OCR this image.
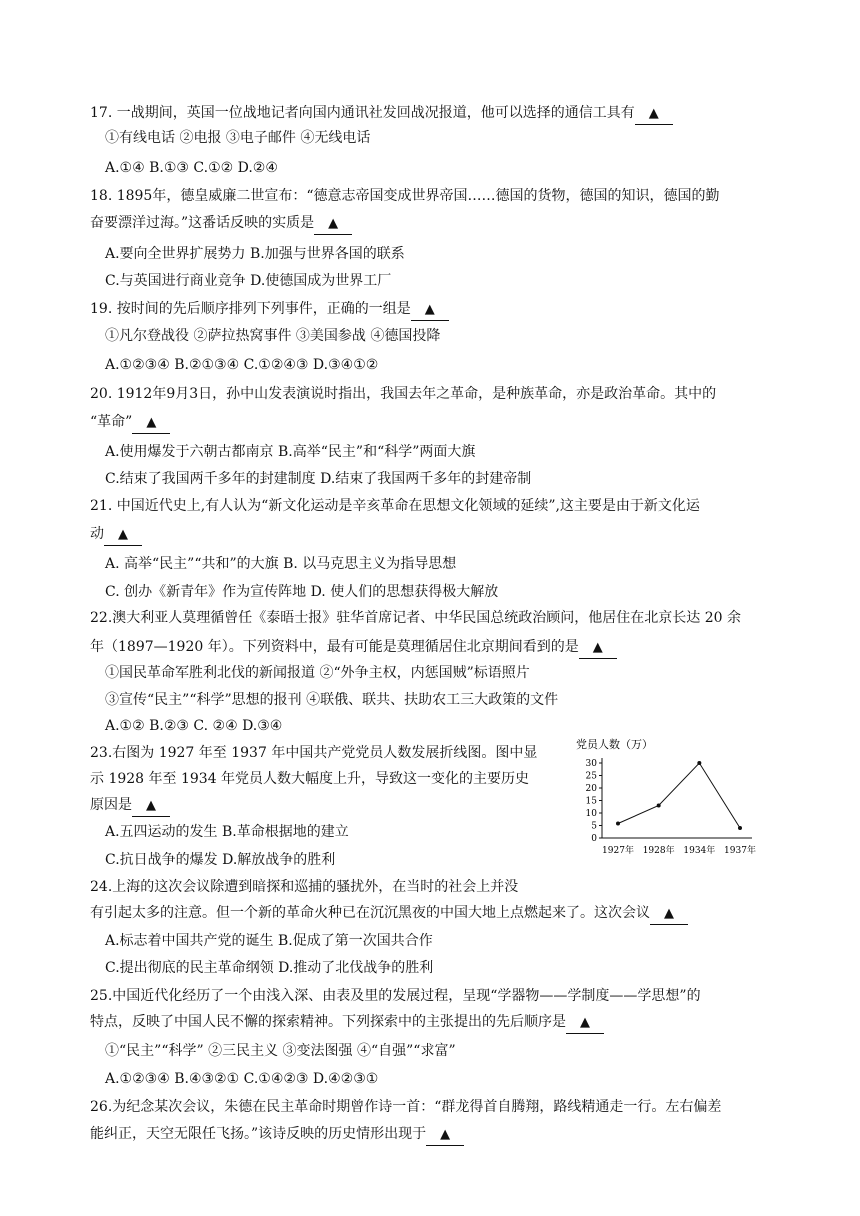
17. 一战期间，英国一位战地记者向国内通讯社发回战况报道，他可以选择的通信工具有 ▲
①有线电话 ②电报 ③电子邮件 ④无线电话
A.①④ B.①③ C.①② D.②④
18. 1895年，德皇威廉二世宣布：“德意志帝国变成世界帝国……德国的货物，德国的知识，德国的勤
奋要漂洋过海。”这番话反映的实质是 ▲
A.要向全世界扩展势力 B.加强与世界各国的联系
C.与英国进行商业竞争 D.使德国成为世界工厂
19. 按时间的先后顺序排列下列事件，正确的一组是 ▲
①凡尔登战役 ②萨拉热窝事件 ③美国参战 ④德国投降
A.①②③④ B.②①③④ C.①②④③ D.③④①②
20. 1912年9月3日，孙中山发表演说时指出，我国去年之革命，是种族革命，亦是政治革命。其中的
“革命” ▲
A.使用爆发于六朝古都南京 B.高举“民主”和“科学”两面大旗
C.结束了我国两千多年的封建制度 D.结束了我国两千多年的封建帝制
21. 中国近代史上,有人认为“新文化运动是辛亥革命在思想文化领域的延续”,这主要是由于新文化运
动 ▲
A. 高举“民主”“共和”的大旗 B. 以马克思主义为指导思想
C. 创办《新青年》作为宣传阵地 D. 使人们的思想获得极大解放
22.澳大利亚人莫理循曾任《泰晤士报》驻华首席记者、中华民国总统政治顾问，他居住在北京长达 20 余
年（1897—1920 年）。下列资料中，最有可能是莫理循居住北京期间看到的是 ▲
①国民革命军胜利北伐的新闻报道 ②“外争主权，内惩国贼”标语照片
③宣传“民主”“科学”思想的报刊 ④联俄、联共、扶助农工三大政策的文件
A.①② B.②③ C. ②④ D.③④
23.右图为 1927 年至 1937 年中国共产党党员人数发展折线图。图中显
示 1928 年至 1934 年党员人数大幅度上升，导致这一变化的主要历史
原因是 ▲
A.五四运动的发生 B.革命根据地的建立
C.抗日战争的爆发 D.解放战争的胜利
24.上海的这次会议除遭到暗探和巡捕的骚扰外，在当时的社会上并没
有引起太多的注意。但一个新的革命火种已在沉沉黑夜的中国大地上点燃起来了。这次会议 ▲
A.标志着中国共产党的诞生 B.促成了第一次国共合作
C.提出彻底的民主革命纲领 D.推动了北伐战争的胜利
25.中国近代化经历了一个由浅入深、由表及里的发展过程，呈现“学器物——学制度——学思想”的
特点，反映了中国人民不懈的探索精神。下列探索中的主张提出的先后顺序是 ▲
①“民主”“科学” ②三民主义 ③变法图强 ④“自强”“求富”
A.①②③④ B.④③②① C.①④②③ D.④②③①
26.为纪念某次会议，朱德在民主革命时期曾作诗一首：“群龙得首自腾翔，路线精通走一行。左右偏差
能纠正，天空无限任飞扬。”该诗反映的历史情形出现于 ▲
党员人数（万）
0
5
10
15
20
25
30
1927年 1928年 1934年 1937年
